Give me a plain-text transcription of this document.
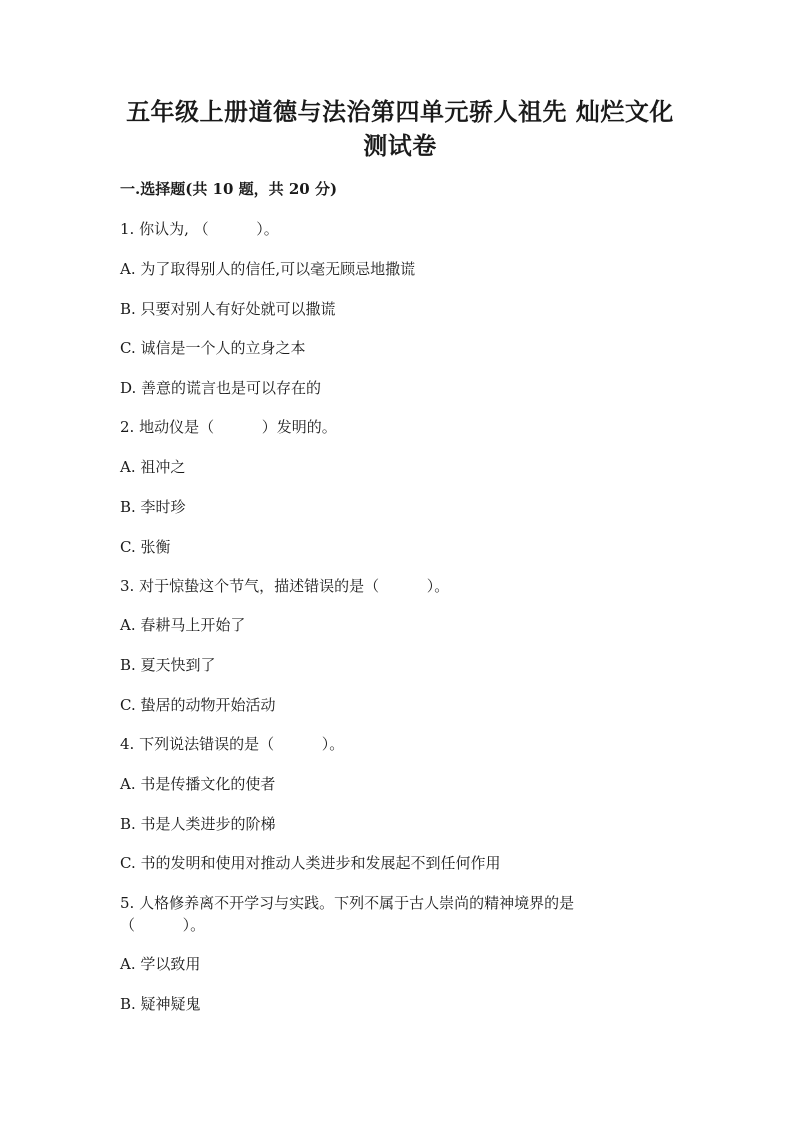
五年级上册道德与法治第四单元骄人祖先 灿烂文化
测试卷
一.选择题(共 10 题，共 20 分)
1. 你认为, （          ）。
A. 为了取得别人的信任,可以毫无顾忌地撒谎
B. 只要对别人有好处就可以撒谎
C. 诚信是一个人的立身之本
D. 善意的谎言也是可以存在的
2. 地动仪是（          ）发明的。
A. 祖冲之
B. 李时珍
C. 张衡
3. 对于惊蛰这个节气，描述错误的是（          ）。
A. 春耕马上开始了
B. 夏天快到了
C. 蛰居的动物开始活动
4. 下列说法错误的是（          ）。
A. 书是传播文化的使者
B. 书是人类进步的阶梯
C. 书的发明和使用对推动人类进步和发展起不到任何作用
5. 人格修养离不开学习与实践。下列不属于古人崇尚的精神境界的是
（          ）。
A. 学以致用
B. 疑神疑鬼
